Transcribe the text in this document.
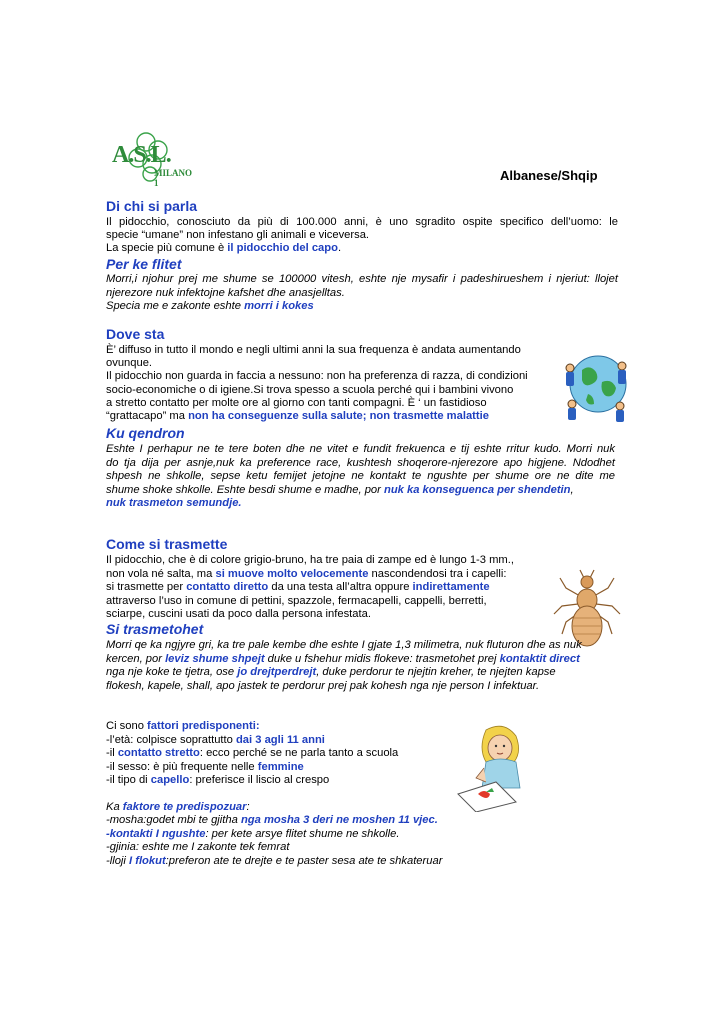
A.S.L.
MILANO 1	Albanese/Shqip
Di chi si parla
Il pidocchio, conosciuto da più di 100.000 anni, è uno sgradito ospite specifico dell’uomo: le
specie “umane” non infestano gli animali e viceversa.
La specie più comune è il pidocchio del capo.
Per ke flitet
Morri,i njohur prej me shume se 100000 vitesh, eshte nje mysafir i padeshirueshem i njeriut: llojet
njerezore nuk infektojne kafshet dhe anasjelltas.
Specia me e zakonte eshte morri i kokes
Dove sta
È’ diffuso in tutto il mondo e negli ultimi anni la sua frequenza è andata aumentando
ovunque.
Il pidocchio non guarda in faccia a nessuno: non ha preferenza di razza, di condizioni
socio-economiche o di igiene.Si trova spesso a scuola perché qui i bambini vivono
a stretto contatto per molte ore al giorno con tanti compagni. È ‘ un fastidioso
“grattacapo” ma non ha conseguenze sulla salute; non trasmette malattie
Ku qendron
Eshte I perhapur ne te tere boten dhe ne vitet e fundit frekuenca e tij eshte rritur kudo. Morri nuk
do tja dija per asnje,nuk ka preference race, kushtesh shoqerore-njerezore apo higjene. Ndodhet
shpesh ne shkolle, sepse ketu femijet jetojne ne kontakt te ngushte per shume ore ne dite me
shume shoke shkolle. Eshte besdi shume e madhe, por nuk ka konseguenca per shendetin,
nuk trasmeton semundje.
Come si trasmette
Il pidocchio, che è di colore grigio-bruno, ha tre paia di zampe ed è lungo 1-3 mm.,
non vola né salta, ma si muove molto velocemente nascondendosi tra i capelli:
si trasmette per contatto diretto da una testa all’altra oppure indirettamente
attraverso l’uso in comune di pettini, spazzole, fermacapelli, cappelli, berretti,
sciarpe, cuscini usati da poco dalla persona infestata.
Si trasmetohet
Morri qe ka ngjyre gri, ka tre pale kembe dhe eshte I gjate 1,3 milimetra, nuk fluturon dhe as nuk
kercen, por leviz shume shpejt duke u fshehur midis flokeve: trasmetohet prej kontaktit direct
nga nje koke te tjetra, ose jo drejtperdrejt, duke perdorur te njejtin kreher, te njejten kapse
flokesh, kapele, shall, apo jastek te perdorur prej pak kohesh nga nje person I infektuar.
Ci sono fattori predisponenti:
-l’età: colpisce soprattutto dai 3 agli 11 anni
-il contatto stretto: ecco perché se ne parla tanto a scuola
-il sesso: è più frequente nelle femmine
-il tipo di capello: preferisce il liscio al crespo
Ka faktore te predispozuar:
-mosha:godet mbi te gjitha nga mosha 3 deri ne moshen 11 vjec.
-kontakti I ngushte: per kete arsye flitet shume ne shkolle.
-gjinia: eshte me I zakonte tek femrat
-lloji I flokut:preferon ate te drejte e te paster sesa ate te shkateruar
